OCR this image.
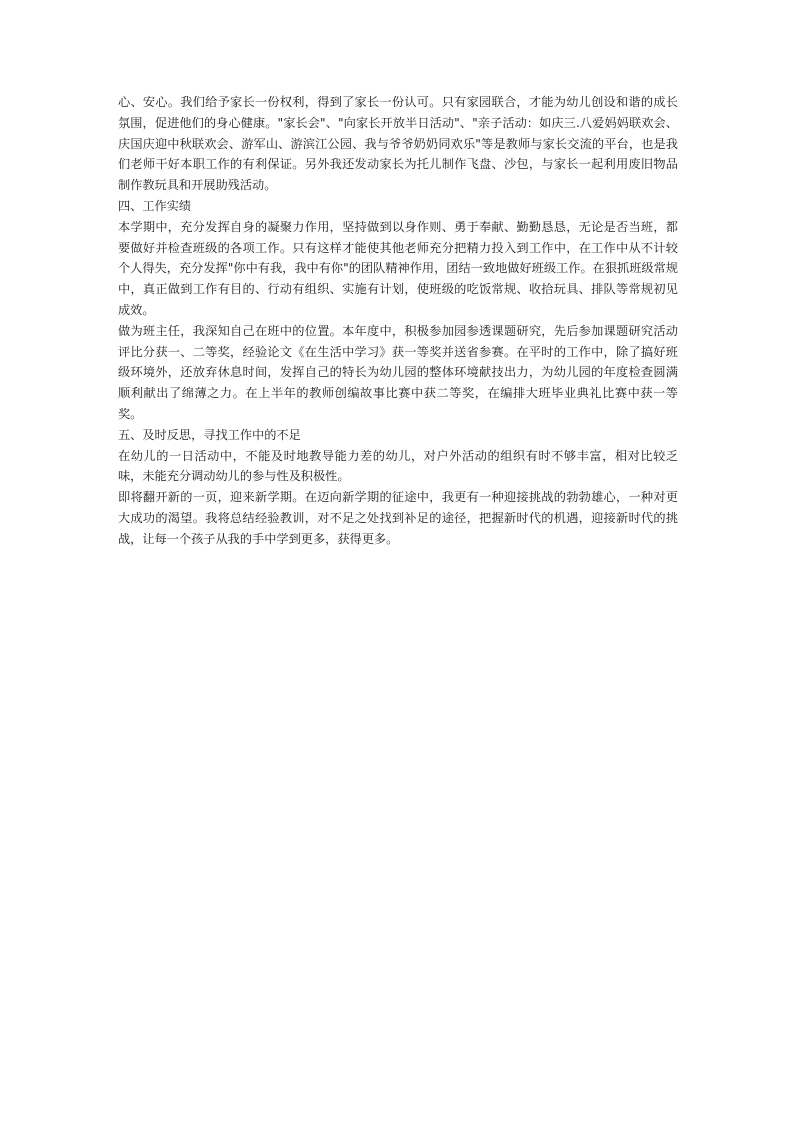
心、安心。我们给予家长一份权利，得到了家长一份认可。只有家园联合，才能为幼儿创设和谐的成长氛围，促进他们的身心健康。"家长会"、"向家长开放半日活动"、"亲子活动：如庆三.八爱妈妈联欢会、庆国庆迎中秋联欢会、游军山、游滨江公园、我与爷爷奶奶同欢乐"等是教师与家长交流的平台，也是我们老师干好本职工作的有利保证。另外我还发动家长为托儿制作飞盘、沙包，与家长一起利用废旧物品制作教玩具和开展助残活动。

四、工作实绩

本学期中，充分发挥自身的凝聚力作用，坚持做到以身作则、勇于奉献、勤勤恳恳，无论是否当班，都要做好并检查班级的各项工作。只有这样才能使其他老师充分把精力投入到工作中，在工作中从不计较个人得失，充分发挥"你中有我，我中有你"的团队精神作用，团结一致地做好班级工作。在狠抓班级常规中，真正做到工作有目的、行动有组织、实施有计划，使班级的吃饭常规、收拾玩具、排队等常规初见成效。

做为班主任，我深知自己在班中的位置。本年度中，积极参加园参透课题研究，先后参加课题研究活动评比分获一、二等奖，经验论文《在生活中学习》获一等奖并送省参赛。在平时的工作中，除了搞好班级环境外，还放弃休息时间，发挥自己的特长为幼儿园的整体环境献技出力，为幼儿园的年度检查圆满顺利献出了绵薄之力。在上半年的教师创编故事比赛中获二等奖，在编排大班毕业典礼比赛中获一等奖。

五、及时反思，寻找工作中的不足

在幼儿的一日活动中，不能及时地教导能力差的幼儿，对户外活动的组织有时不够丰富，相对比较乏味，未能充分调动幼儿的参与性及积极性。

即将翻开新的一页，迎来新学期。在迈向新学期的征途中，我更有一种迎接挑战的勃勃雄心，一种对更大成功的渴望。我将总结经验教训，对不足之处找到补足的途径，把握新时代的机遇，迎接新时代的挑战，让每一个孩子从我的手中学到更多，获得更多。
